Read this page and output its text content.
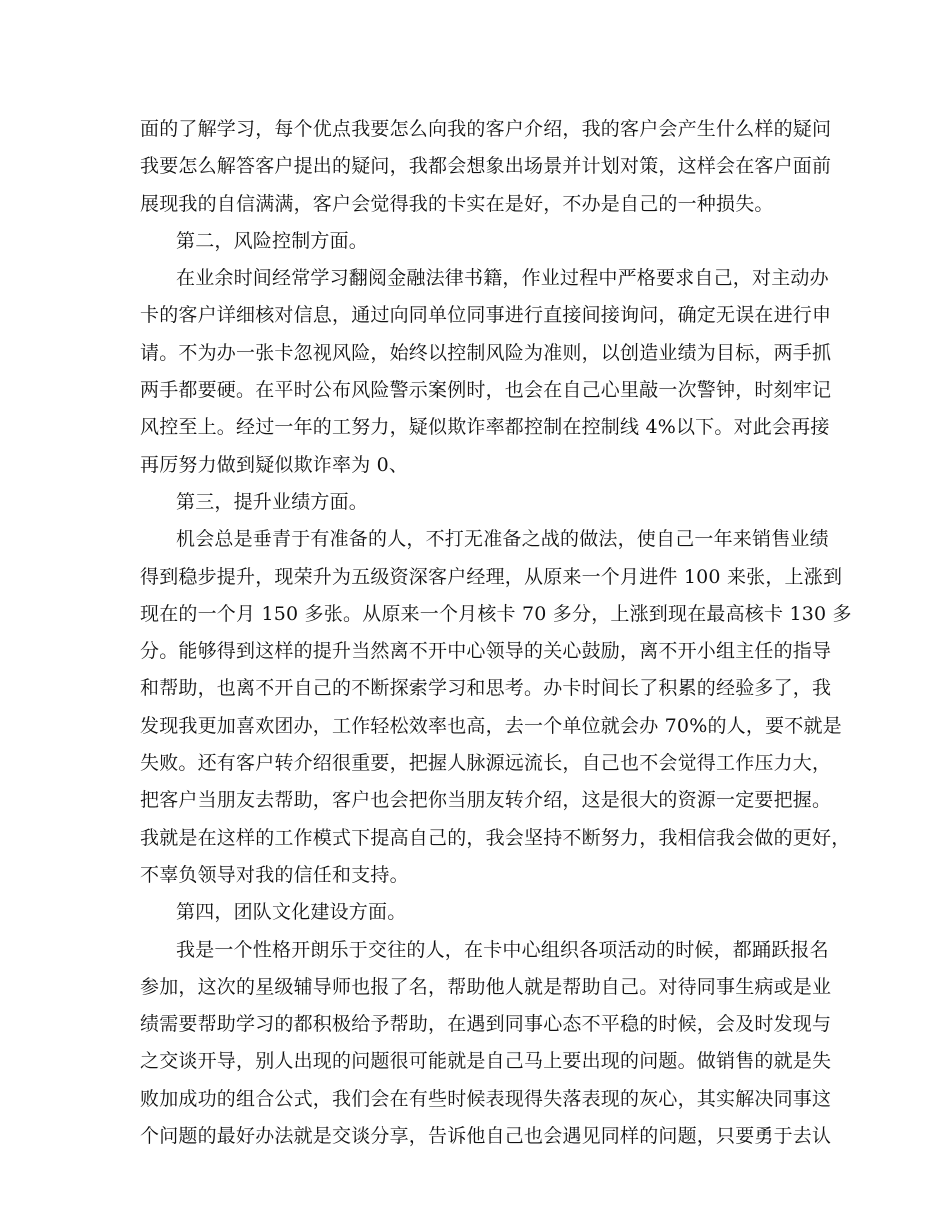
面的了解学习，每个优点我要怎么向我的客户介绍，我的客户会产生什么样的疑问
我要怎么解答客户提出的疑问，我都会想象出场景并计划对策，这样会在客户面前
展现我的自信满满，客户会觉得我的卡实在是好，不办是自己的一种损失。
第二，风险控制方面。
在业余时间经常学习翻阅金融法律书籍，作业过程中严格要求自己，对主动办
卡的客户详细核对信息，通过向同单位同事进行直接间接询问，确定无误在进行申
请。不为办一张卡忽视风险，始终以控制风险为准则，以创造业绩为目标，两手抓
两手都要硬。在平时公布风险警示案例时，也会在自己心里敲一次警钟，时刻牢记
风控至上。经过一年的工努力，疑似欺诈率都控制在控制线 4%以下。对此会再接
再厉努力做到疑似欺诈率为 0、
第三，提升业绩方面。
机会总是垂青于有准备的人，不打无准备之战的做法，使自己一年来销售业绩
得到稳步提升，现荣升为五级资深客户经理，从原来一个月进件 100 来张，上涨到
现在的一个月 150 多张。从原来一个月核卡 70 多分，上涨到现在最高核卡 130 多
分。能够得到这样的提升当然离不开中心领导的关心鼓励，离不开小组主任的指导
和帮助，也离不开自己的不断探索学习和思考。办卡时间长了积累的经验多了，我
发现我更加喜欢团办，工作轻松效率也高，去一个单位就会办 70%的人，要不就是
失败。还有客户转介绍很重要，把握人脉源远流长，自己也不会觉得工作压力大，
把客户当朋友去帮助，客户也会把你当朋友转介绍，这是很大的资源一定要把握。
我就是在这样的工作模式下提高自己的，我会坚持不断努力，我相信我会做的更好，
不辜负领导对我的信任和支持。
第四，团队文化建设方面。
我是一个性格开朗乐于交往的人，在卡中心组织各项活动的时候，都踊跃报名
参加，这次的星级辅导师也报了名，帮助他人就是帮助自己。对待同事生病或是业
绩需要帮助学习的都积极给予帮助，在遇到同事心态不平稳的时候，会及时发现与
之交谈开导，别人出现的问题很可能就是自己马上要出现的问题。做销售的就是失
败加成功的组合公式，我们会在有些时候表现得失落表现的灰心，其实解决同事这
个问题的最好办法就是交谈分享，告诉他自己也会遇见同样的问题，只要勇于去认
